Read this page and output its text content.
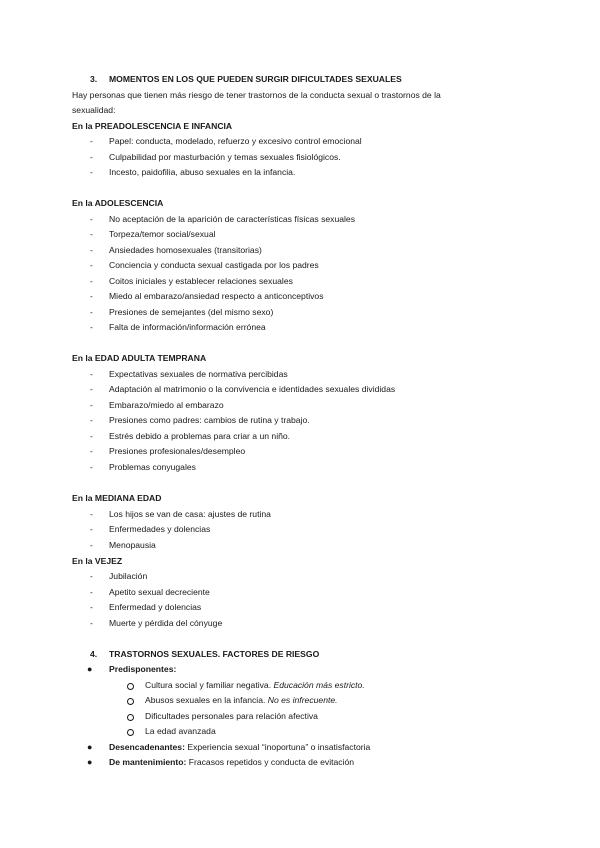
3. MOMENTOS EN LOS QUE PUEDEN SURGIR DIFICULTADES SEXUALES
Hay personas que tienen más riesgo de tener trastornos de la conducta sexual o trastornos de la
sexualidad:
En la PREADOLESCENCIA E INFANCIA
- Papel: conducta, modelado, refuerzo y excesivo control emocional
- Culpabilidad por masturbación y temas sexuales fisiológicos.
- Incesto, paidofilia, abuso sexuales en la infancia.
En la ADOLESCENCIA
- No aceptación de la aparición de características físicas sexuales
- Torpeza/temor social/sexual
- Ansiedades homosexuales (transitorias)
- Conciencia y conducta sexual castigada por los padres
- Coitos iniciales y establecer relaciones sexuales
- Miedo al embarazo/ansiedad respecto a anticonceptivos
- Presiones de semejantes (del mismo sexo)
- Falta de información/información errónea
En la EDAD ADULTA TEMPRANA
- Expectativas sexuales de normativa percibidas
- Adaptación al matrimonio o la convivencia e identidades sexuales divididas
- Embarazo/miedo al embarazo
- Presiones como padres: cambios de rutina y trabajo.
- Estrés debido a problemas para criar a un niño.
- Presiones profesionales/desempleo
- Problemas conyugales
En la MEDIANA EDAD
- Los hijos se van de casa: ajustes de rutina
- Enfermedades y dolencias
- Menopausia
En la VEJEZ
- Jubilación
- Apetito sexual decreciente
- Enfermedad y dolencias
- Muerte y pérdida del cónyuge
4. TRASTORNOS SEXUALES. FACTORES DE RIESGO
● Predisponentes:
Cultura social y familiar negativa. Educación más estricto.
Abusos sexuales en la infancia. No es infrecuente.
Dificultades personales para relación afectiva
La edad avanzada
● Desencadenantes: Experiencia sexual “inoportuna” o insatisfactoria
● De mantenimiento: Fracasos repetidos y conducta de evitación
